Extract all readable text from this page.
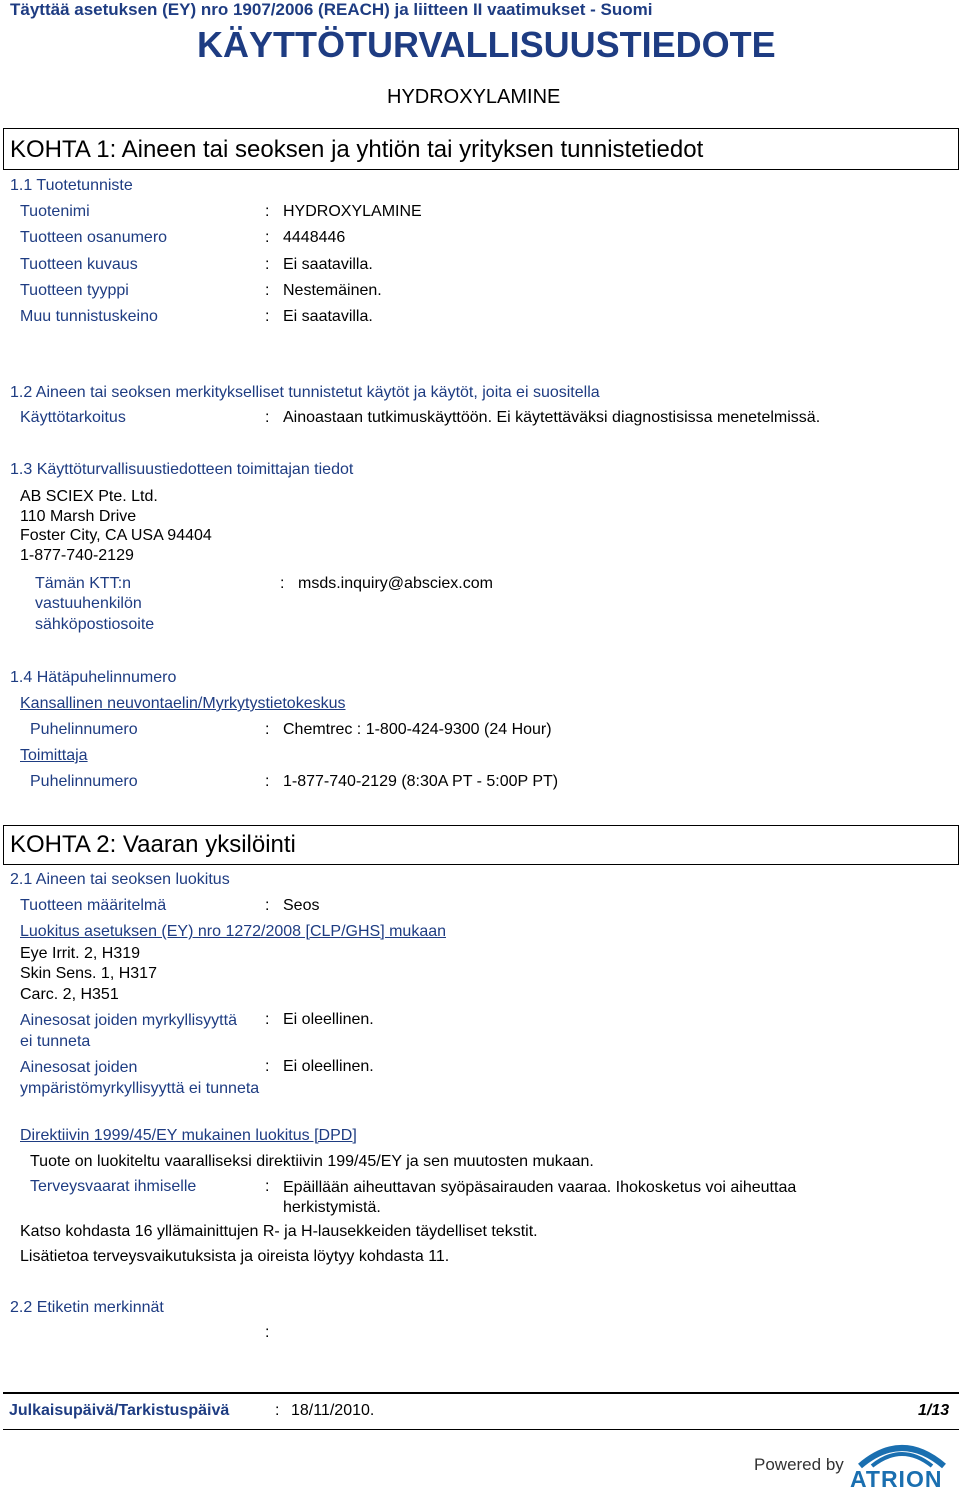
Täyttää asetuksen (EY) nro 1907/2006 (REACH) ja liitteen II vaatimukset - Suomi
KÄYTTÖTURVALLISUUSTIEDOTE
HYDROXYLAMINE
KOHTA 1: Aineen tai seoksen ja yhtiön tai yrityksen tunnistetiedot
1.1 Tuotetunniste
Tuotenimi	: HYDROXYLAMINE
Tuotteen osanumero	: 4448446
Tuotteen kuvaus	: Ei saatavilla.
Tuotteen tyyppi	: Nestemäinen.
Muu tunnistuskeino	: Ei saatavilla.
1.2 Aineen tai seoksen merkitykselliset tunnistetut käytöt ja käytöt, joita ei suositella
Käyttötarkoitus	: Ainoastaan tutkimuskäyttöön. Ei käytettäväksi diagnostisissa menetelmissä.
1.3 Käyttöturvallisuustiedotteen toimittajan tiedot
AB SCIEX Pte. Ltd.
110 Marsh Drive
Foster City, CA USA 94404
1-877-740-2129
Tämän KTT:n
vastuuhenkilön
sähköpostiosoite
: msds.inquiry@absciex.com
1.4 Hätäpuhelinnumero
Kansallinen neuvontaelin/Myrkytystietokeskus
Puhelinnumero	: Chemtrec : 1-800-424-9300 (24 Hour)
Toimittaja
Puhelinnumero	: 1-877-740-2129 (8:30A PT - 5:00P PT)
KOHTA 2: Vaaran yksilöinti
2.1 Aineen tai seoksen luokitus
Tuotteen määritelmä	: Seos
Luokitus asetuksen (EY) nro 1272/2008 [CLP/GHS] mukaan
Eye Irrit. 2, H319
Skin Sens. 1, H317
Carc. 2, H351
Ainesosat joiden myrkyllisyyttä ei tunneta
: Ei oleellinen.
Ainesosat joiden ympäristömyrkyllisyyttä ei tunneta
: Ei oleellinen.
Direktiivin 1999/45/EY mukainen luokitus [DPD]
Tuote on luokiteltu vaaralliseksi direktiivin 199/45/EY ja sen muutosten mukaan.
Terveysvaarat ihmiselle	: Epäillään aiheuttavan syöpäsairauden vaaraa. Ihokosketus voi aiheuttaa herkistymistä.
Katso kohdasta 16 yllämainittujen R- ja H-lausekkeiden täydelliset tekstit.
Lisätietoa terveysvaikutuksista ja oireista löytyy kohdasta 11.
2.2 Etiketin merkinnät
:
Julkaisupäivä/Tarkistuspäivä	: 18/11/2010.	1/13
Powered by
ATRION
